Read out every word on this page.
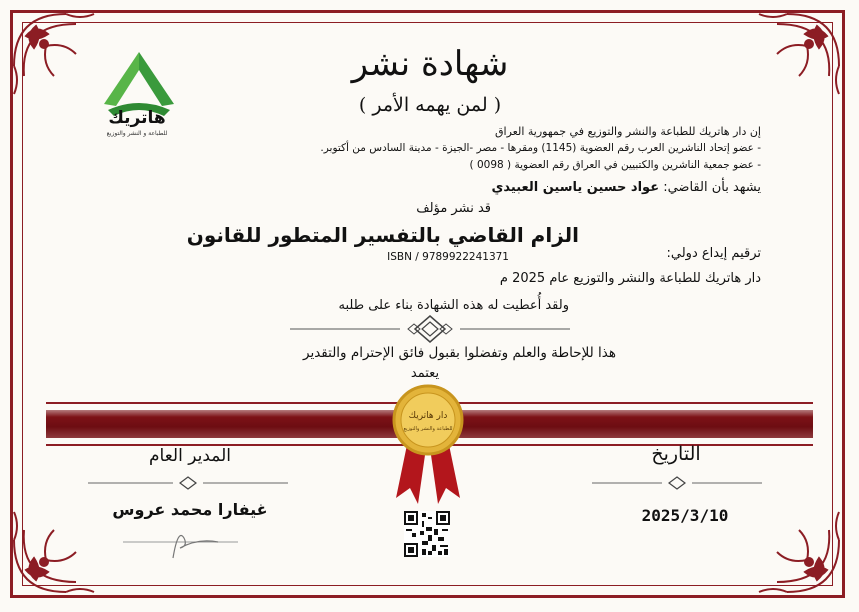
هاتريك
للطباعة و النشر والتوزيع
شهادة نشر
( لمن يهمه الأمر )
إن دار هاتريك للطباعة والنشر والتوزيع في جمهورية العراق
- عضو إتحاد الناشرين العرب رقم العضوية (1145) ومقرها - مصر -الجيزة - مدينة السادس من أكتوبر.
- عضو جمعية الناشرين والكتبيين في العراق رقم العضوية ( 0098 )
يشهد بأن القاضي: عواد حسين ياسين العبيدي
قد نشر مؤلف
الزام القاضي بالتفسير المتطور للقانون
ترقيم إيداع دولي:
ISBN / 9789922241371
دار هاتريك للطباعة والنشر والتوزيع عام 2025 م
ولقد أُعطيت له هذه الشهادة بناء على طلبه
هذا للإحاطة والعلم وتفضلوا بقبول فائق الإحترام والتقدير
يعتمد
دار هاتريك
للطباعة والنشر والتوزيع
المدير العام
غيفارا محمد عروس
التاريخ
2025/3/10
